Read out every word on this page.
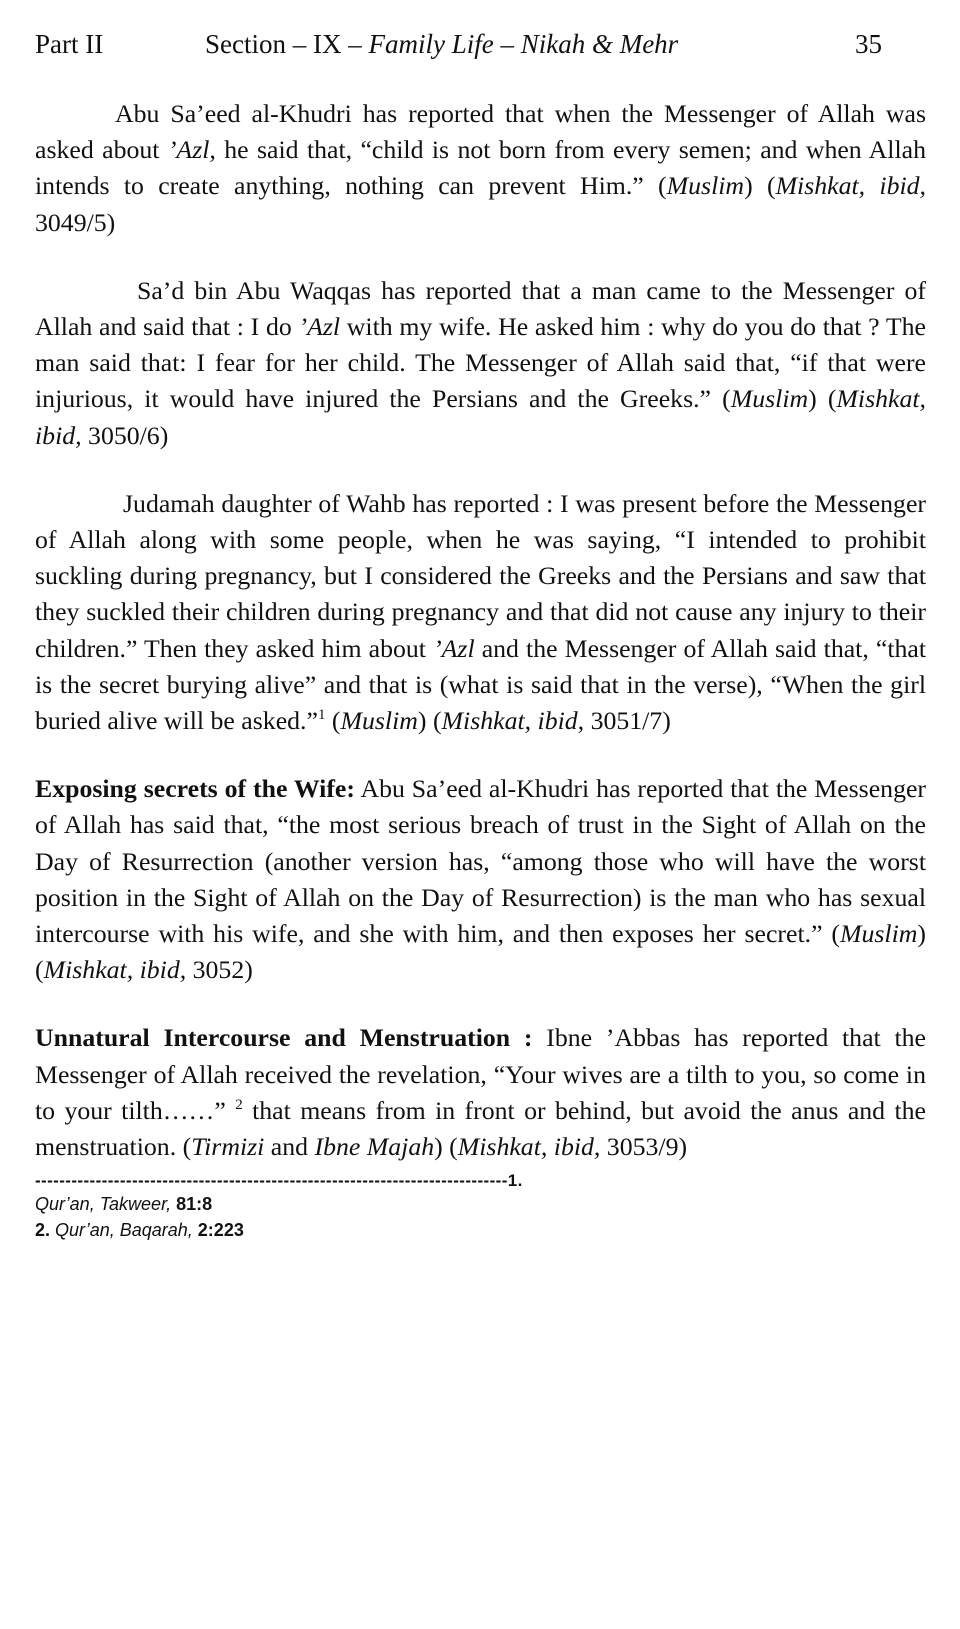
Part II	Section – IX – Family Life – Nikah & Mehr	35

Abu Sa’eed al-Khudri has reported that when the Messenger of Allah was asked about ’Azl, he said that, “child is not born from every semen; and when Allah intends to create anything, nothing can prevent Him.” (Muslim) (Mishkat, ibid, 3049/5)

Sa’d bin Abu Waqqas has reported that a man came to the Messenger of Allah and said that : I do ’Azl with my wife. He asked him : why do you do that ? The man said that: I fear for her child. The Messenger of Allah said that, “if that were injurious, it would have injured the Persians and the Greeks.” (Muslim) (Mishkat, ibid, 3050/6)

Judamah daughter of Wahb has reported : I was present before the Messenger of Allah along with some people, when he was saying, “I intended to prohibit suckling during pregnancy, but I considered the Greeks and the Persians and saw that they suckled their children during pregnancy and that did not cause any injury to their children.” Then they asked him about ’Azl and the Messenger of Allah said that, “that is the secret burying alive” and that is (what is said that in the verse), “When the girl buried alive will be asked.”$^1$ (Muslim) (Mishkat, ibid, 3051/7)

Exposing secrets of the Wife: Abu Sa’eed al-Khudri has reported that the Messenger of Allah has said that, “the most serious breach of trust in the Sight of Allah on the Day of Resurrection (another version has, “among those who will have the worst position in the Sight of Allah on the Day of Resurrection) is the man who has sexual intercourse with his wife, and she with him, and then exposes her secret.” (Muslim) (Mishkat, ibid, 3052)

Unnatural Intercourse and Menstruation : Ibne ’Abbas has reported that the Messenger of Allah received the revelation, “Your wives are a tilth to you, so come in to your tilth……” $^2$ that means from in front or behind, but avoid the anus and the menstruation. (Tirmizi and Ibne Majah) (Mishkat, ibid, 3053/9)

------------------------------------------------------------------------------1.
Qur’an, Takweer, 81:8
2. Qur’an, Baqarah, 2:223
